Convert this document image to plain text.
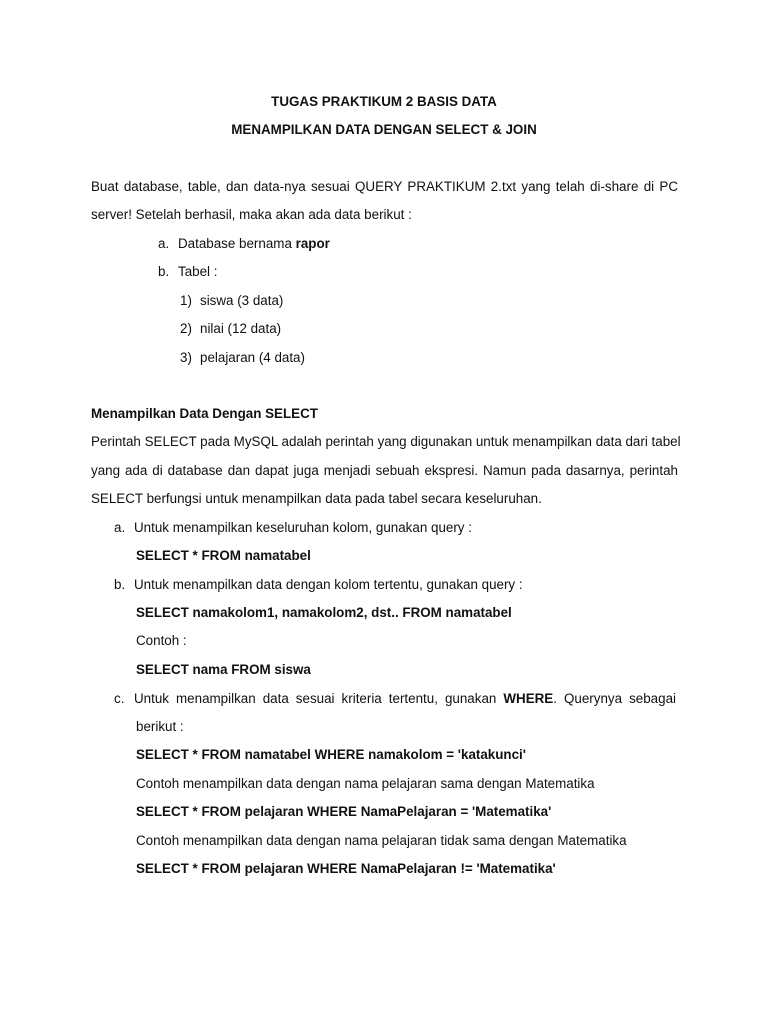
TUGAS PRAKTIKUM 2 BASIS DATA
MENAMPILKAN DATA DENGAN SELECT & JOIN
Buat database, table, dan data-nya sesuai QUERY PRAKTIKUM 2.txt yang telah di-share di PC
server! Setelah berhasil, maka akan ada data berikut :
a. Database bernama rapor
b. Tabel :
1) siswa (3 data)
2) nilai (12 data)
3) pelajaran (4 data)
Menampilkan Data Dengan SELECT
Perintah SELECT pada MySQL adalah perintah yang digunakan untuk menampilkan data dari tabel
yang ada di database dan dapat juga menjadi sebuah ekspresi. Namun pada dasarnya, perintah
SELECT berfungsi untuk menampilkan data pada tabel secara keseluruhan.
a. Untuk menampilkan keseluruhan kolom, gunakan query :
SELECT * FROM namatabel
b. Untuk menampilkan data dengan kolom tertentu, gunakan query :
SELECT namakolom1, namakolom2, dst.. FROM namatabel
Contoh :
SELECT nama FROM siswa
c. Untuk menampilkan data sesuai kriteria tertentu, gunakan WHERE. Querynya sebagai
berikut :
SELECT * FROM namatabel WHERE namakolom = 'katakunci'
Contoh menampilkan data dengan nama pelajaran sama dengan Matematika
SELECT * FROM pelajaran WHERE NamaPelajaran = 'Matematika'
Contoh menampilkan data dengan nama pelajaran tidak sama dengan Matematika
SELECT * FROM pelajaran WHERE NamaPelajaran != 'Matematika'
